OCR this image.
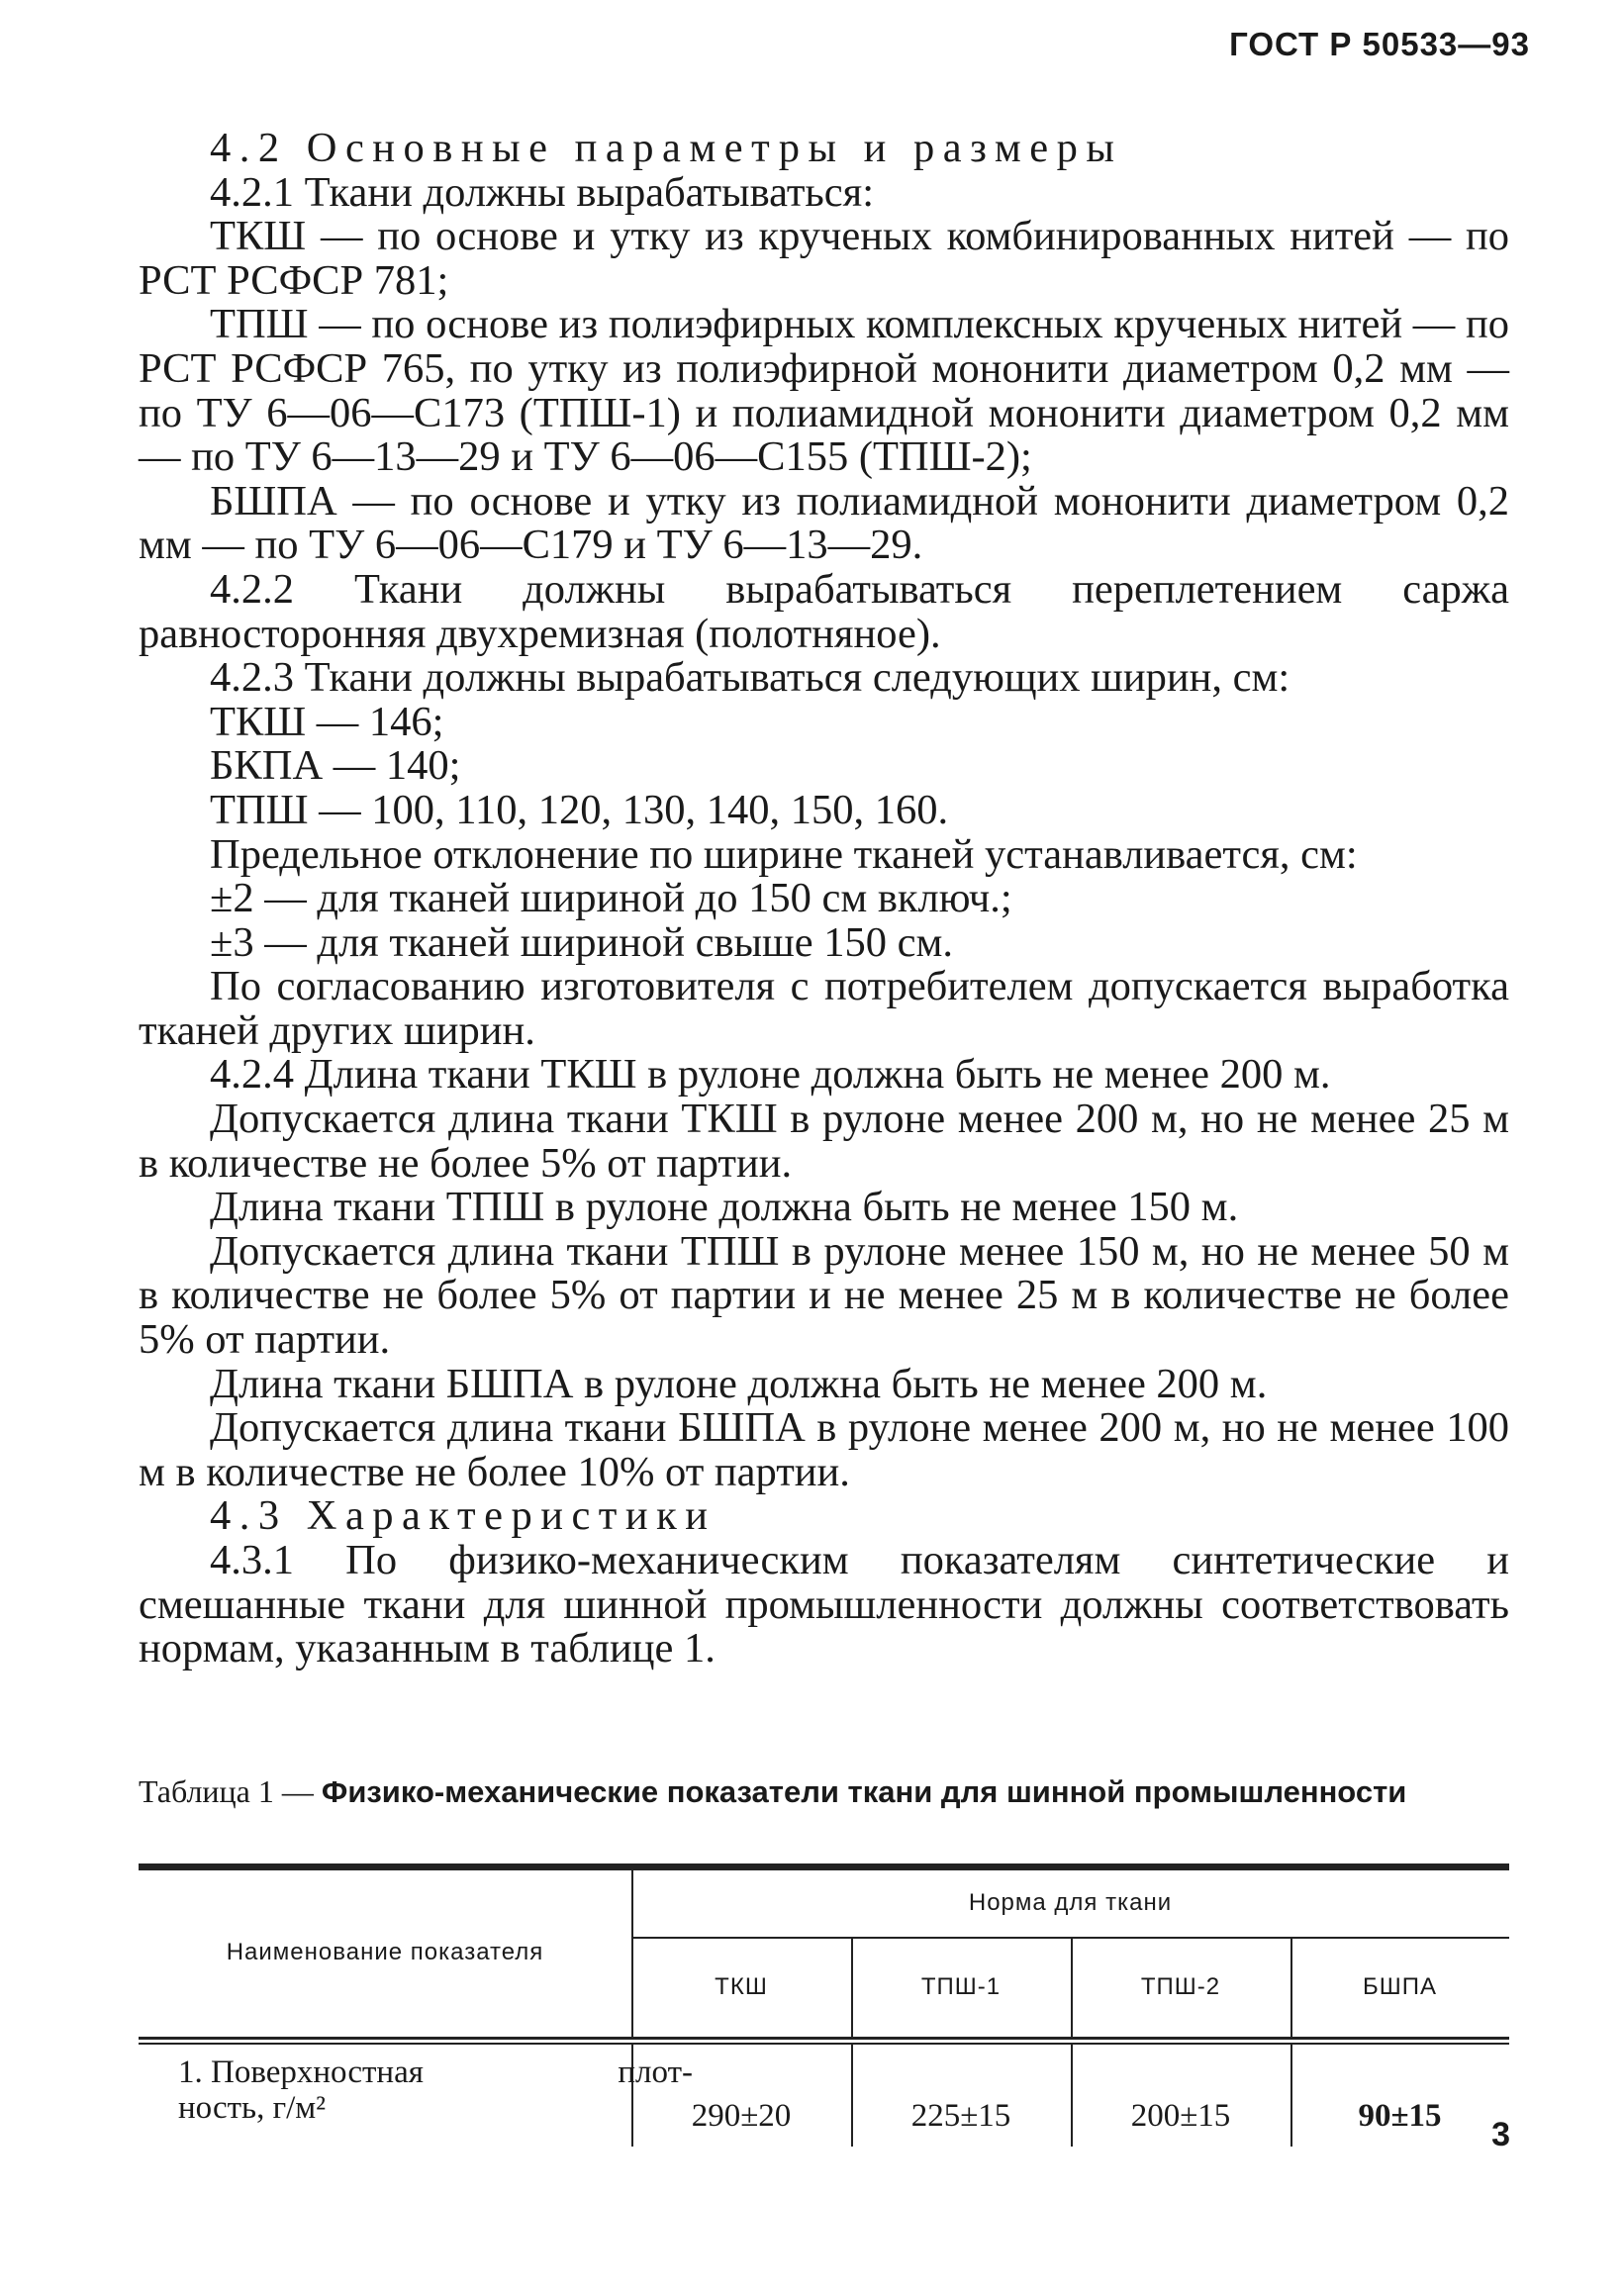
ГОСТ Р 50533—93

4.2 Основные параметры и размеры

4.2.1 Ткани должны вырабатываться:

ТКШ — по основе и утку из крученых комбинированных нитей — по РСТ РСФСР 781;

ТПШ — по основе из полиэфирных комплексных крученых нитей — по РСТ РСФСР 765, по утку из полиэфирной мононити диаметром 0,2 мм — по ТУ 6—06—С173 (ТПШ-1) и полиамидной мононити диаметром 0,2 мм — по ТУ 6—13—29 и ТУ 6—06—С155 (ТПШ-2);

БШПА — по основе и утку из полиамидной мононити диаметром 0,2 мм — по ТУ 6—06—С179 и ТУ 6—13—29.

4.2.2 Ткани должны вырабатываться переплетением саржа равносторонняя двухремизная (полотняное).

4.2.3 Ткани должны вырабатываться следующих ширин, см:

ТКШ — 146;

БКПА — 140;

ТПШ — 100, 110, 120, 130, 140, 150, 160.

Предельное отклонение по ширине тканей устанавливается, см:

±2 — для тканей шириной до 150 см включ.;

±3 — для тканей шириной свыше 150 см.

По согласованию изготовителя с потребителем допускается выработка тканей других ширин.

4.2.4 Длина ткани ТКШ в рулоне должна быть не менее 200 м.

Допускается длина ткани ТКШ в рулоне менее 200 м, но не менее 25 м в количестве не более 5% от партии.

Длина ткани ТПШ в рулоне должна быть не менее 150 м.

Допускается длина ткани ТПШ в рулоне менее 150 м, но не менее 50 м в количестве не более 5% от партии и не менее 25 м в количестве не более 5% от партии.

Длина ткани БШПА в рулоне должна быть не менее 200 м.

Допускается длина ткани БШПА в рулоне менее 200 м, но не менее 100 м в количестве не более 10% от партии.

4.3 Характеристики

4.3.1 По физико-механическим показателям синтетические и смешанные ткани для шинной промышленности должны соответствовать нормам, указанным в таблице 1.

Таблица 1 — Физико-механические показатели ткани для шинной промышленности
Наименование показателя
Норма для ткани
ТКШ	ТПШ-1	ТПШ-2	БШПА
1. Поверхностная	плот-
ность, г/м²	290±20	225±15	200±15	90±15
3
